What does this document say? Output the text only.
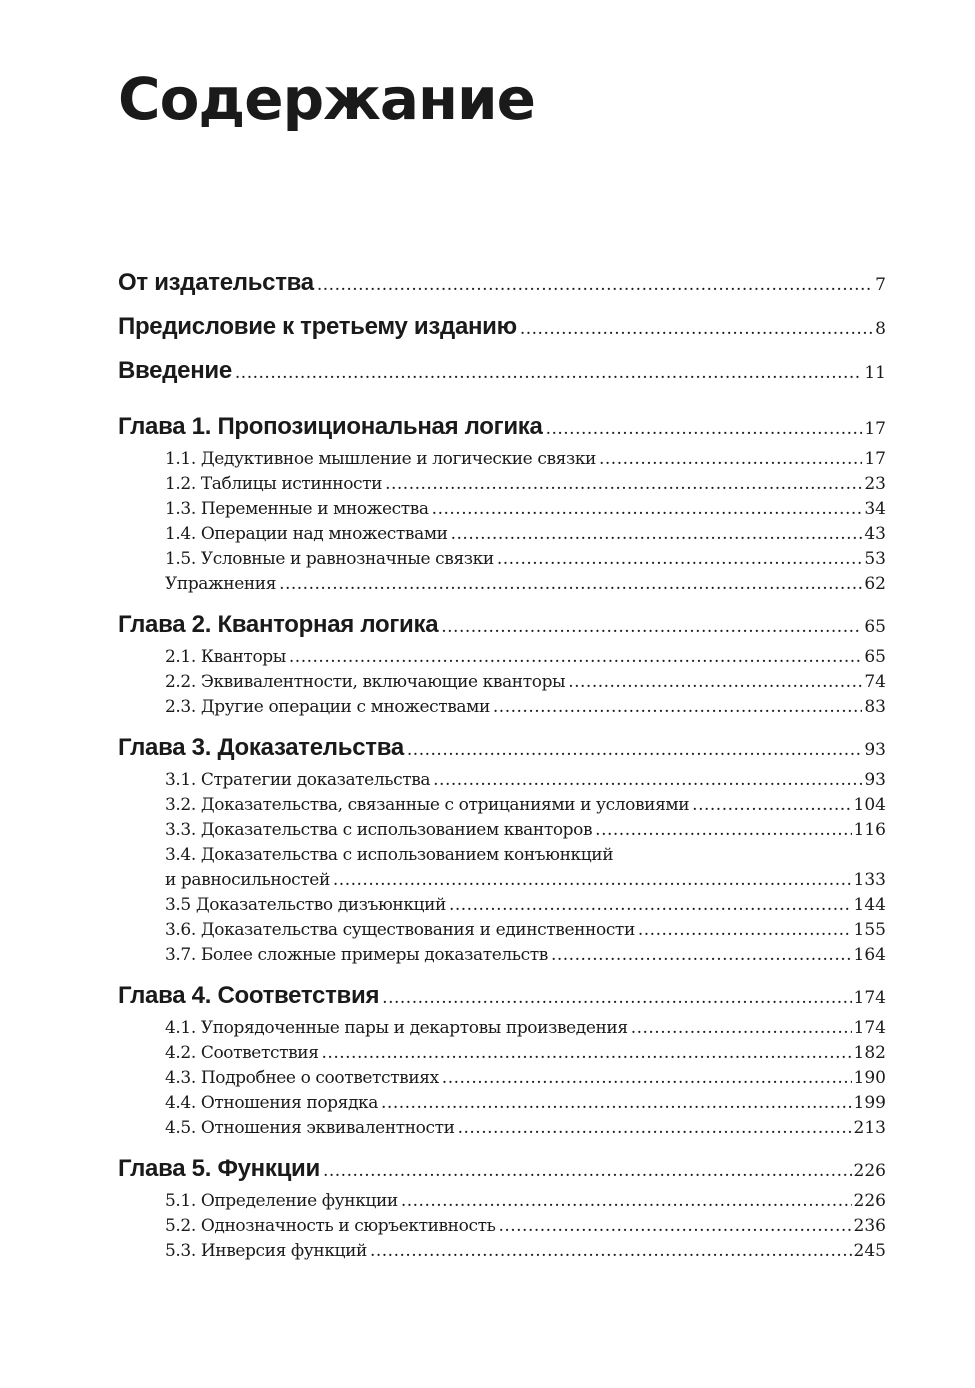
Содержание
От издательства .....	7
Предисловие к третьему изданию .....	8
Введение .....	11
Глава 1. Пропозициональная логика .....	17
1.1. Дедуктивное мышление и логические связки .....	17
1.2. Таблицы истинности .....	23
1.3. Переменные и множества .....	34
1.4. Операции над множествами .....	43
1.5. Условные и равнозначные связки .....	53
Упражнения .....	62
Глава 2. Кванторная логика .....	65
2.1. Кванторы .....	65
2.2. Эквивалентности, включающие кванторы .....	74
2.3. Другие операции с множествами .....	83
Глава 3. Доказательства .....	93
3.1. Стратегии доказательства .....	93
3.2. Доказательства, связанные с отрицаниями и условиями .....	104
3.3. Доказательства с использованием кванторов .....	116
3.4. Доказательства с использованием конъюнкций
и равносильностей .....	133
3.5 Доказательство дизъюнкций .....	144
3.6. Доказательства существования и единственности .....	155
3.7. Более сложные примеры доказательств .....	164
Глава 4. Соответствия .....	174
4.1. Упорядоченные пары и декартовы произведения .....	174
4.2. Соответствия .....	182
4.3. Подробнее о соответствиях .....	190
4.4. Отношения порядка .....	199
4.5. Отношения эквивалентности .....	213
Глава 5. Функции .....	226
5.1. Определение функции .....	226
5.2. Однозначность и сюръективность .....	236
5.3. Инверсия функций .....	245
